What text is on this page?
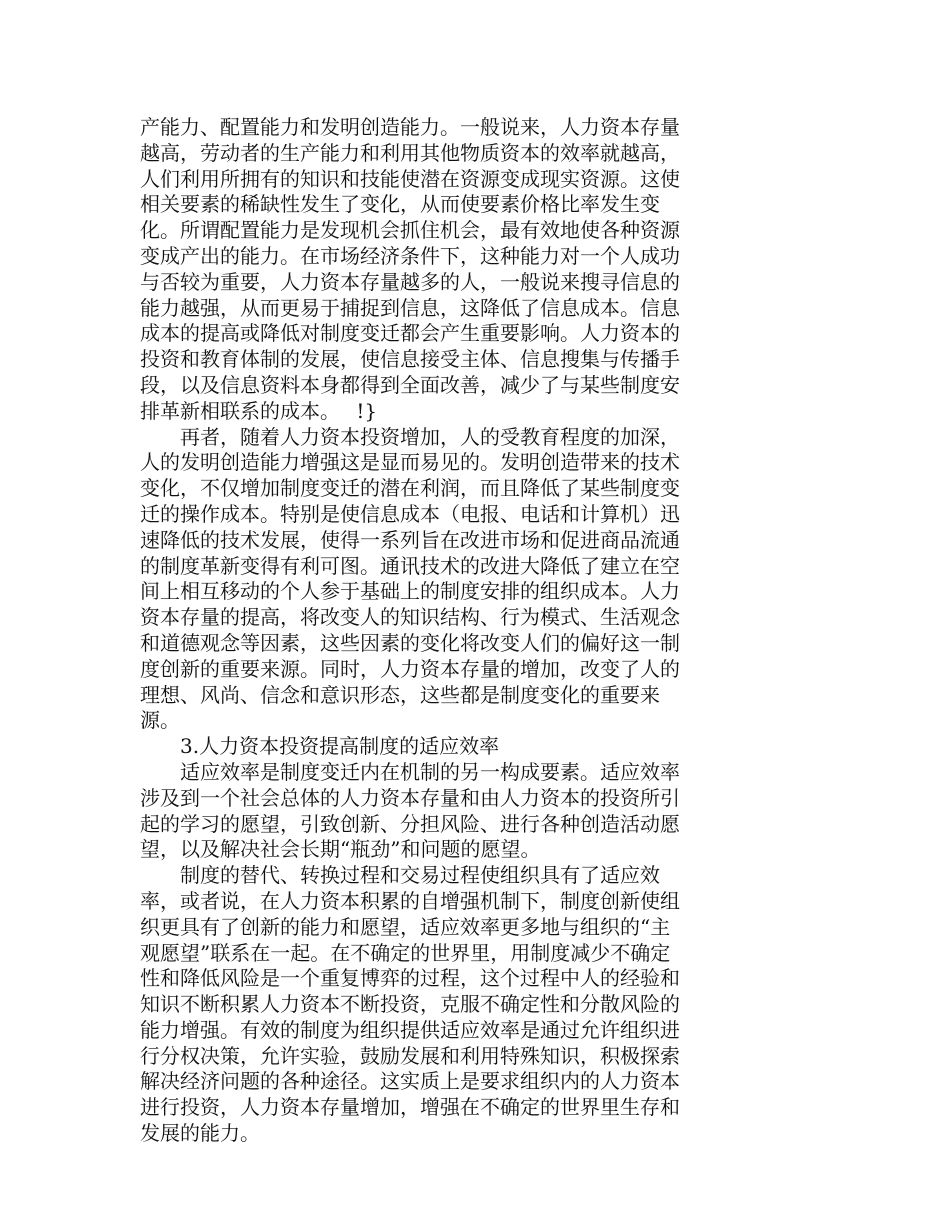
产能力、配置能力和发明创造能力。一般说来，人力资本存量
越高，劳动者的生产能力和利用其他物质资本的效率就越高，
人们利用所拥有的知识和技能使潜在资源变成现实资源。这使
相关要素的稀缺性发生了变化，从而使要素价格比率发生变
化。所谓配置能力是发现机会抓住机会，最有效地使各种资源
变成产出的能力。在市场经济条件下，这种能力对一个人成功
与否较为重要，人力资本存量越多的人，一般说来搜寻信息的
能力越强，从而更易于捕捉到信息，这降低了信息成本。信息
成本的提高或降低对制度变迁都会产生重要影响。人力资本的
投资和教育体制的发展，使信息接受主体、信息搜集与传播手
段，以及信息资料本身都得到全面改善，减少了与某些制度安
排革新相联系的成本。　 !}
　　再者，随着人力资本投资增加，人的受教育程度的加深，
人的发明创造能力增强这是显而易见的。发明创造带来的技术
变化，不仅增加制度变迁的潜在利润，而且降低了某些制度变
迁的操作成本。特别是使信息成本（电报、电话和计算机）迅
速降低的技术发展，使得一系列旨在改进市场和促进商品流通
的制度革新变得有利可图。通讯技术的改进大降低了建立在空
间上相互移动的个人参于基础上的制度安排的组织成本。人力
资本存量的提高，将改变人的知识结构、行为模式、生活观念
和道德观念等因素，这些因素的变化将改变人们的偏好这一制
度创新的重要来源。同时，人力资本存量的增加，改变了人的
理想、风尚、信念和意识形态，这些都是制度变化的重要来
源。
　　3.人力资本投资提高制度的适应效率
　　适应效率是制度变迁内在机制的另一构成要素。适应效率
涉及到一个社会总体的人力资本存量和由人力资本的投资所引
起的学习的愿望，引致创新、分担风险、进行各种创造活动愿
望，以及解决社会长期“瓶劲”和问题的愿望。
　　制度的替代、转换过程和交易过程使组织具有了适应效
率，或者说，在人力资本积累的自增强机制下，制度创新使组
织更具有了创新的能力和愿望，适应效率更多地与组织的“主
观愿望”联系在一起。在不确定的世界里，用制度减少不确定
性和降低风险是一个重复博弈的过程，这个过程中人的经验和
知识不断积累人力资本不断投资，克服不确定性和分散风险的
能力增强。有效的制度为组织提供适应效率是通过允许组织进
行分权决策，允许实验，鼓励发展和利用特殊知识，积极探索
解决经济问题的各种途径。这实质上是要求组织内的人力资本
进行投资，人力资本存量增加，增强在不确定的世界里生存和
发展的能力。
